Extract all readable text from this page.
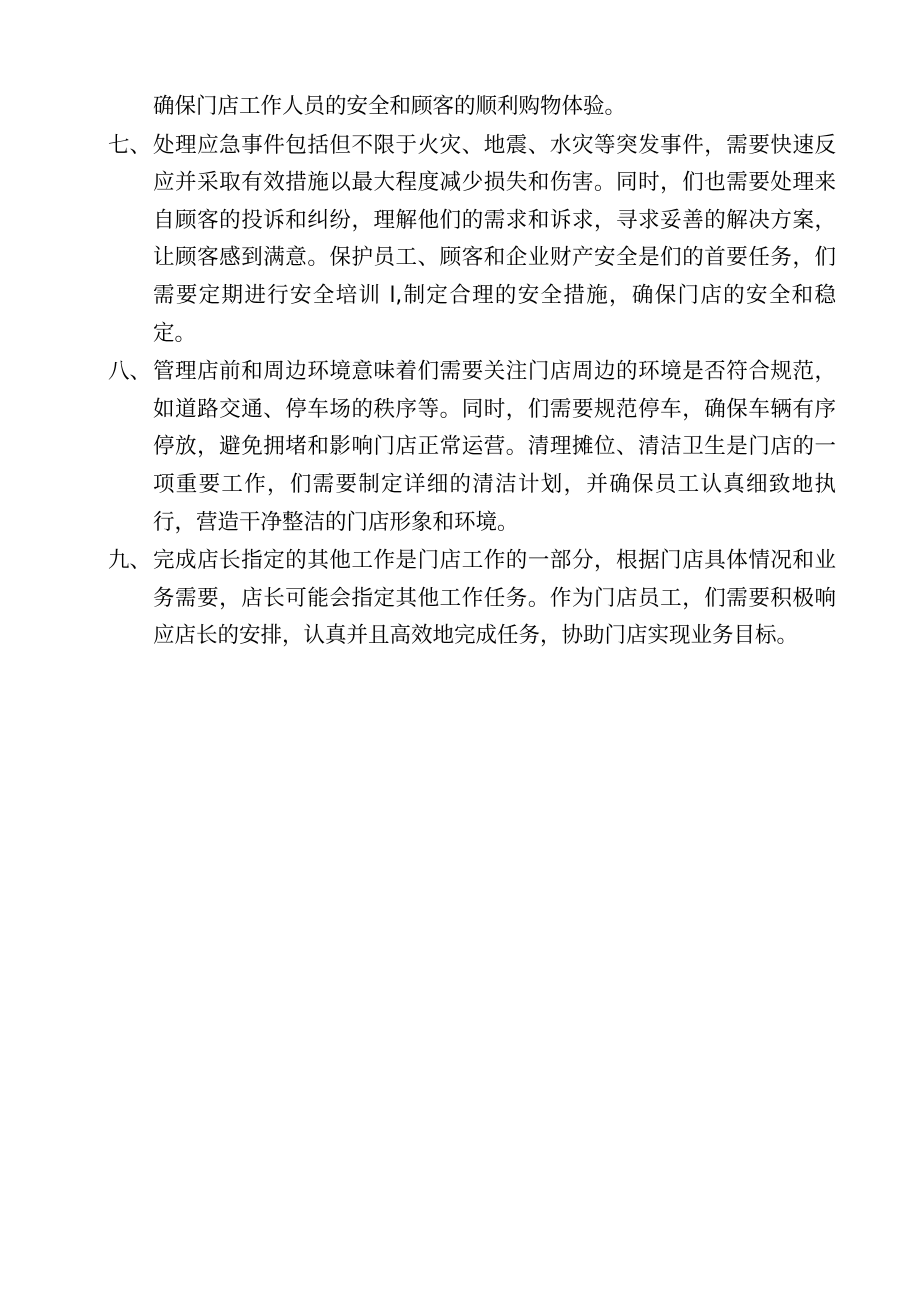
确保门店工作人员的安全和顾客的顺利购物体验。

七、 处理应急事件包括但不限于火灾、地震、水灾等突发事件，需要快速反应并采取有效措施以最大程度减少损失和伤害。同时，们也需要处理来自顾客的投诉和纠纷，理解他们的需求和诉求，寻求妥善的解决方案，让顾客感到满意。保护员工、顾客和企业财产安全是们的首要任务，们需要定期进行安全培训 l,制定合理的安全措施，确保门店的安全和稳定。

八、 管理店前和周边环境意味着们需要关注门店周边的环境是否符合规范，如道路交通、停车场的秩序等。同时，们需要规范停车，确保车辆有序停放，避免拥堵和影响门店正常运营。清理摊位、清洁卫生是门店的一项重要工作，们需要制定详细的清洁计划，并确保员工认真细致地执行，营造干净整洁的门店形象和环境。

九、 完成店长指定的其他工作是门店工作的一部分，根据门店具体情况和业务需要，店长可能会指定其他工作任务。作为门店员工，们需要积极响应店长的安排，认真并且高效地完成任务，协助门店实现业务目标。
